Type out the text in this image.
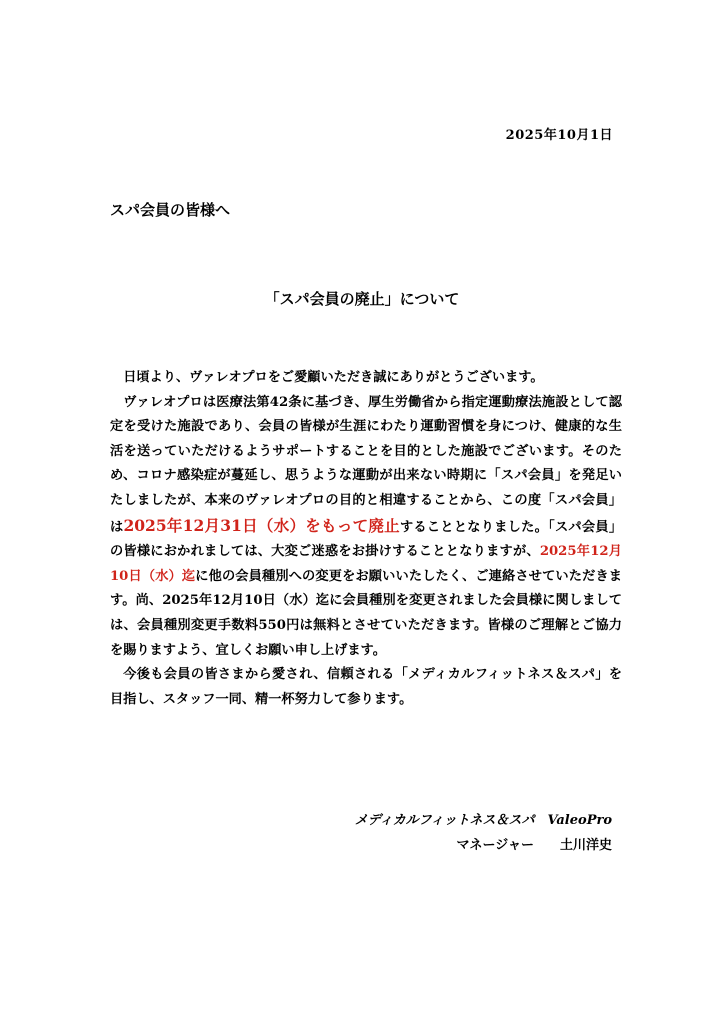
2025年10月1日
スパ会員の皆様へ
「スパ会員の廃止」について

日頃より、ヴァレオプロをご愛顧いただき誠にありがとうございます。

ヴァレオプロは医療法第42条に基づき、厚生労働省から指定運動療法施設として認定を受けた施設であり、会員の皆様が生涯にわたり運動習慣を身につけ、健康的な生活を送っていただけるようサポートすることを目的とした施設でございます。そのため、コロナ感染症が蔓延し、思うような運動が出来ない時期に「スパ会員」を発足いたしましたが、本来のヴァレオプロの目的と相違することから、この度「スパ会員」は2025年12月31日（水）をもって廃止することとなりました。「スパ会員」の皆様におかれましては、大変ご迷惑をお掛けすることとなりますが、2025年12月10日（水）迄に他の会員種別への変更をお願いいたしたく、ご連絡させていただきます。尚、2025年12月10日（水）迄に会員種別を変更されました会員様に関しましては、会員種別変更手数料550円は無料とさせていただきます。皆様のご理解とご協力を賜りますよう、宜しくお願い申し上げます。

今後も会員の皆さまから愛され、信頼される「メディカルフィットネス＆スパ」を目指し、スタッフ一同、精一杯努力して参ります。

メディカルフィットネス＆スパ　ValeoPro
マネージャー 土川洋史
